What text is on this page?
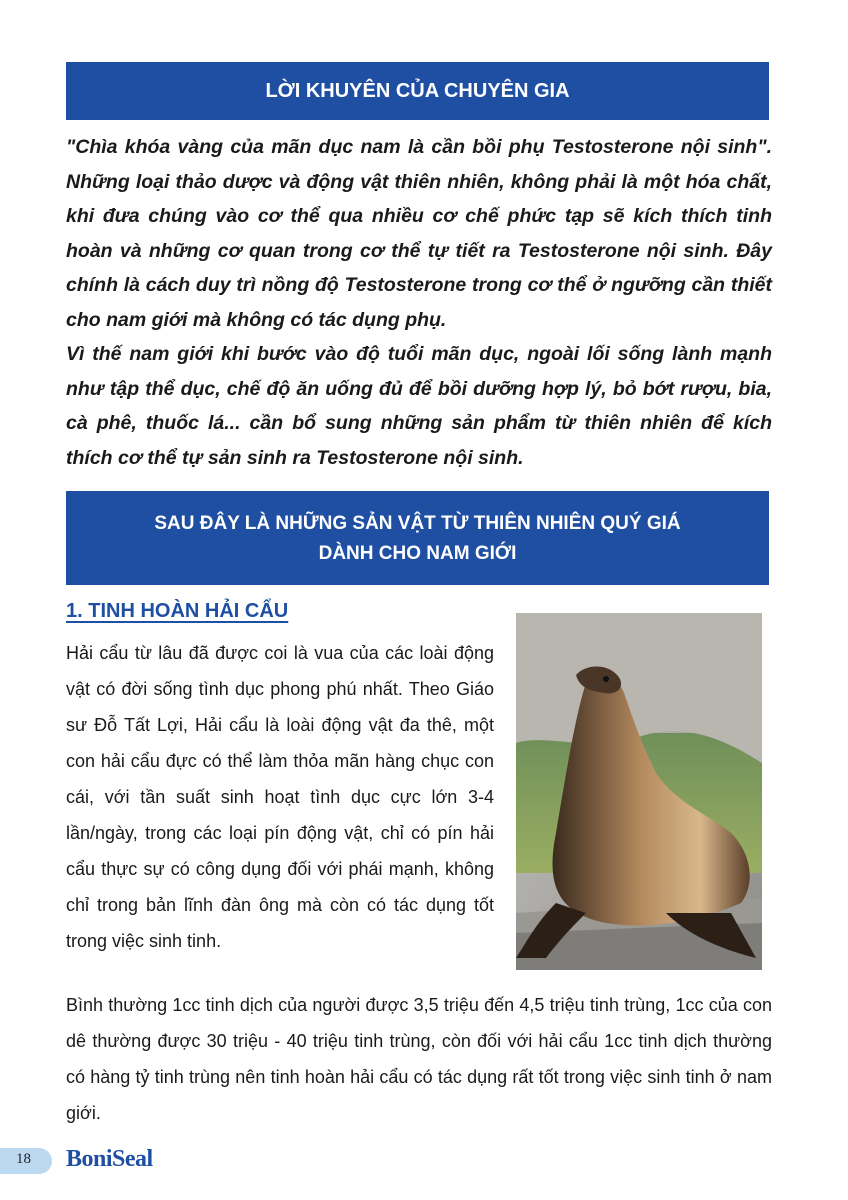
LỜI KHUYÊN CỦA CHUYÊN GIA

"Chìa khóa vàng của mãn dục nam là cần bồi phụ Testosterone nội sinh". Những loại thảo dược và động vật thiên nhiên, không phải là một hóa chất, khi đưa chúng vào cơ thể qua nhiều cơ chế phức tạp sẽ kích thích tinh hoàn và những cơ quan trong cơ thể tự tiết ra Testosterone nội sinh. Đây chính là cách duy trì nồng độ Testosterone trong cơ thể ở ngưỡng cần thiết cho nam giới mà không có tác dụng phụ.

Vì thế nam giới khi bước vào độ tuổi mãn dục, ngoài lối sống lành mạnh như tập thể dục, chế độ ăn uống đủ để bồi dưỡng hợp lý, bỏ bớt rượu, bia, cà phê, thuốc lá... cần bổ sung những sản phẩm từ thiên nhiên để kích thích cơ thể tự sản sinh ra Testosterone nội sinh.

SAU ĐÂY LÀ NHỮNG SẢN VẬT TỪ THIÊN NHIÊN QUÝ GIÁ
DÀNH CHO NAM GIỚI
1. TINH HOÀN HẢI CẨU

Hải cẩu từ lâu đã được coi là vua của các loài động vật có đời sống tình dục phong phú nhất. Theo Giáo sư Đỗ Tất Lợi, Hải cẩu là loài động vật đa thê, một con hải cẩu đực có thể làm thỏa mãn hàng chục con cái, với tần suất sinh hoạt tình dục cực lớn 3-4 lần/ngày, trong các loại pín động vật, chỉ có pín hải cẩu thực sự có công dụng đối với phái mạnh, không chỉ trong bản lĩnh đàn ông mà còn có tác dụng tốt trong việc sinh tinh.

Bình thường 1cc tinh dịch của người được 3,5 triệu đến 4,5 triệu tinh trùng, 1cc của con dê thường được 30 triệu - 40 triệu tinh trùng, còn đối với hải cẩu 1cc tinh dịch thường có hàng tỷ tinh trùng nên tinh hoàn hải cẩu có tác dụng rất tốt trong việc sinh tinh ở nam giới.

18 BoniSeal
